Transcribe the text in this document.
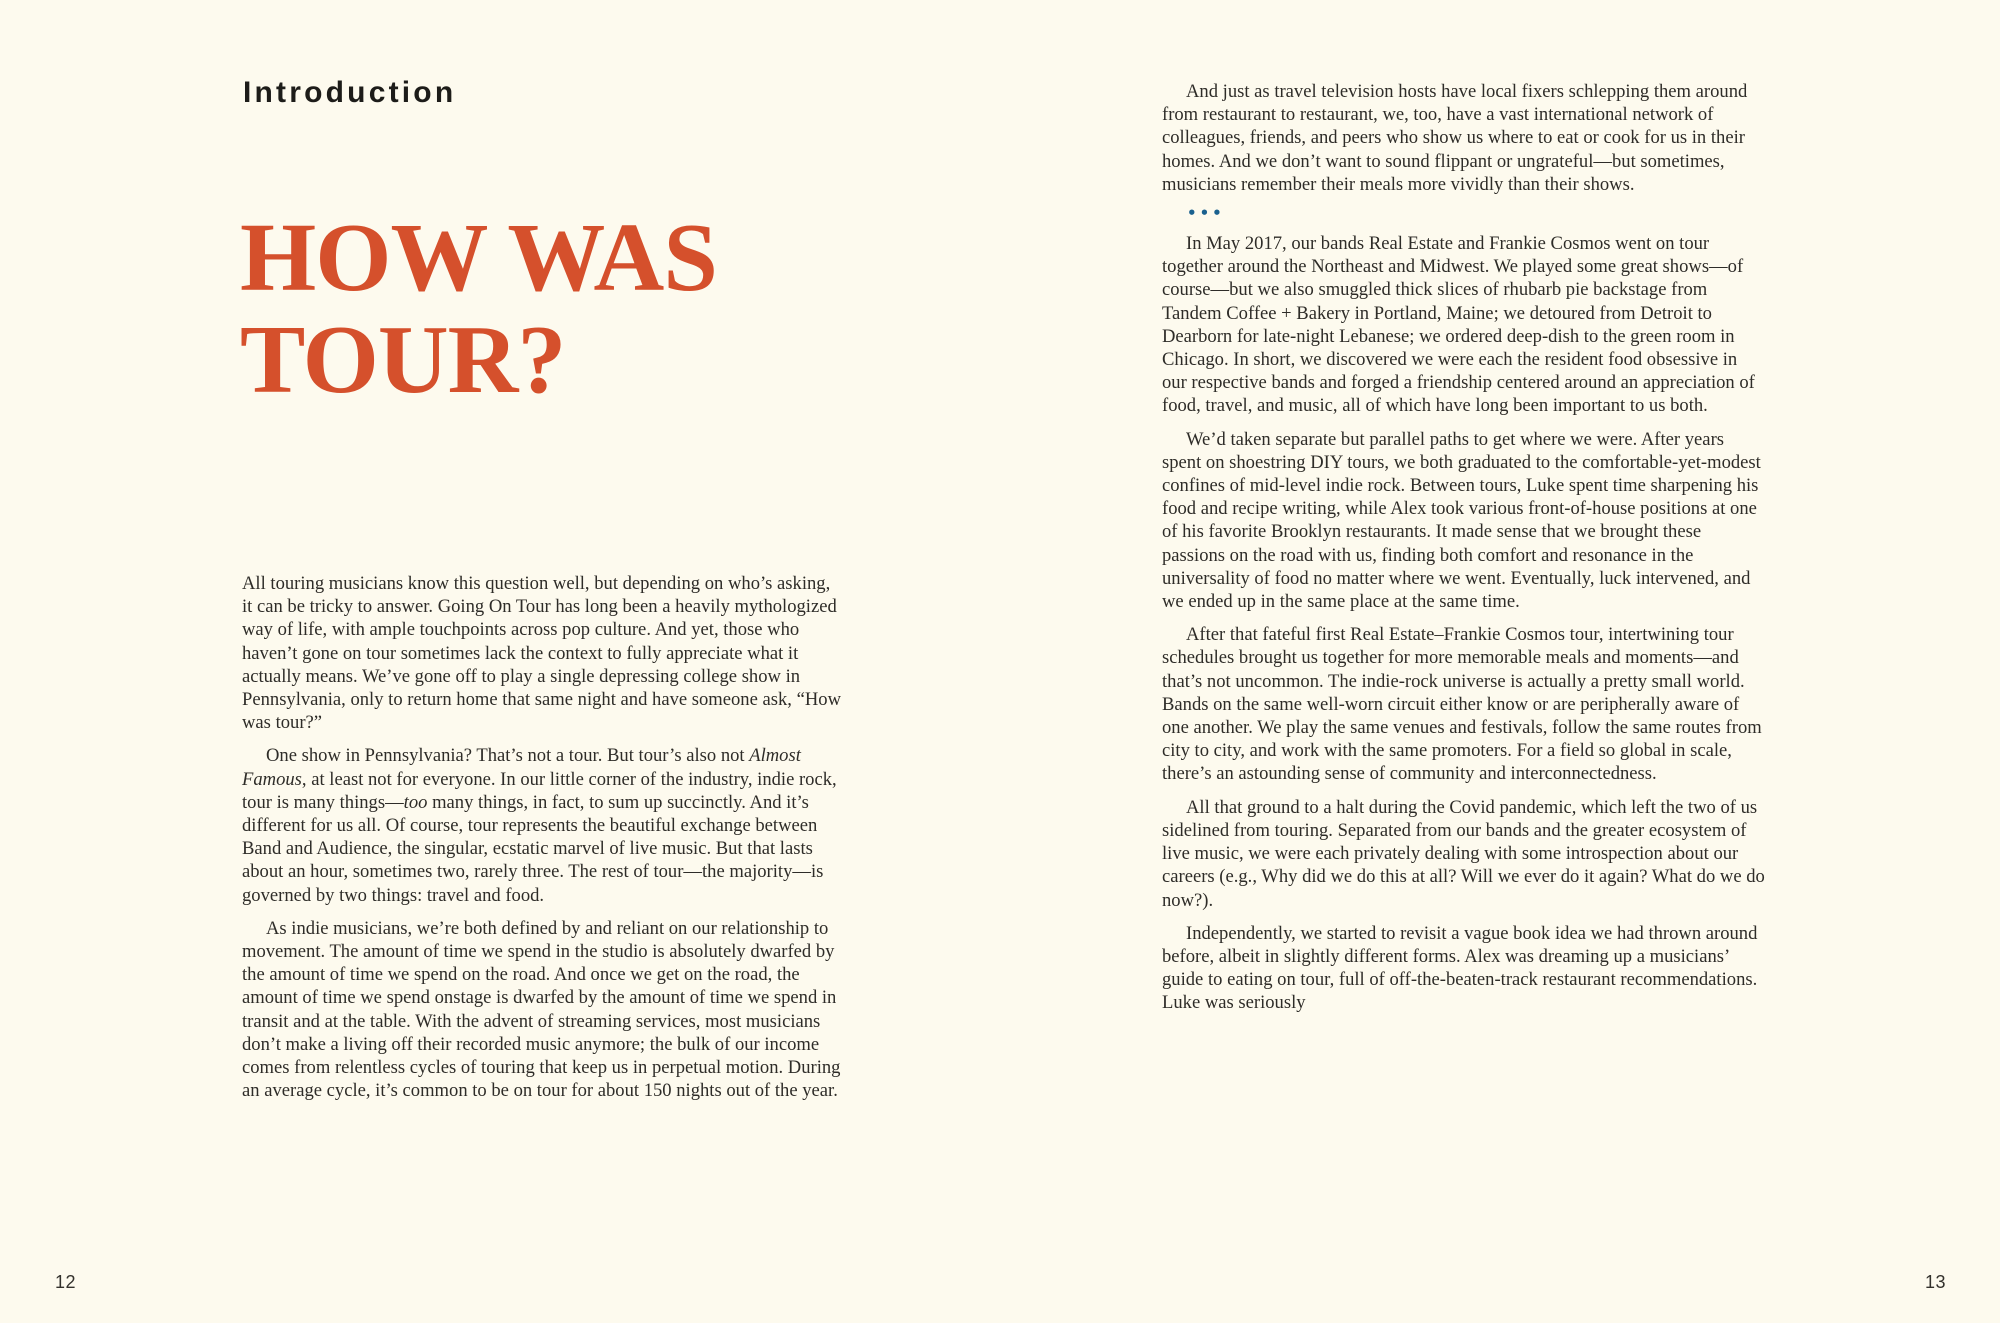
Introduction
HOW WAS
TOUR?

All touring musicians know this question well, but depending on who’s asking, it can be tricky to answer. Going On Tour has long been a heavily mythologized way of life, with ample touchpoints across pop culture. And yet, those who haven’t gone on tour sometimes lack the context to fully appreciate what it actually means. We’ve gone off to play a single depressing college show in Pennsylvania, only to return home that same night and have someone ask, “How was tour?”

One show in Pennsylvania? That’s not a tour. But tour’s also not Almost Famous, at least not for everyone. In our little corner of the industry, indie rock, tour is many things—too many things, in fact, to sum up succinctly. And it’s different for us all. Of course, tour represents the beautiful exchange between Band and Audience, the singular, ecstatic marvel of live music. But that lasts about an hour, sometimes two, rarely three. The rest of tour—the majority—is governed by two things: travel and food.

As indie musicians, we’re both defined by and reliant on our relationship to movement. The amount of time we spend in the studio is absolutely dwarfed by the amount of time we spend on the road. And once we get on the road, the amount of time we spend onstage is dwarfed by the amount of time we spend in transit and at the table. With the advent of streaming services, most musicians don’t make a living off their recorded music anymore; the bulk of our income comes from relentless cycles of touring that keep us in perpetual motion. During an average cycle, it’s common to be on tour for about 150 nights out of the year.

12

And just as travel television hosts have local fixers schlepping them around from restaurant to restaurant, we, too, have a vast international network of colleagues, friends, and peers who show us where to eat or cook for us in their homes. And we don’t want to sound flippant or ungrateful—but sometimes, musicians remember their meals more vividly than their shows.

•••

In May 2017, our bands Real Estate and Frankie Cosmos went on tour together around the Northeast and Midwest. We played some great shows—of course—but we also smuggled thick slices of rhubarb pie backstage from Tandem Coffee + Bakery in Portland, Maine; we detoured from Detroit to Dearborn for late-night Lebanese; we ordered deep-dish to the green room in Chicago. In short, we discovered we were each the resident food obsessive in our respective bands and forged a friendship centered around an appreciation of food, travel, and music, all of which have long been important to us both.

We’d taken separate but parallel paths to get where we were. After years spent on shoestring DIY tours, we both graduated to the comfortable-yet-modest confines of mid-level indie rock. Between tours, Luke spent time sharpening his food and recipe writing, while Alex took various front-of-house positions at one of his favorite Brooklyn restaurants. It made sense that we brought these passions on the road with us, finding both comfort and resonance in the universality of food no matter where we went. Eventually, luck intervened, and we ended up in the same place at the same time.

After that fateful first Real Estate–Frankie Cosmos tour, intertwining tour schedules brought us together for more memorable meals and moments—and that’s not uncommon. The indie-rock universe is actually a pretty small world. Bands on the same well-worn circuit either know or are peripherally aware of one another. We play the same venues and festivals, follow the same routes from city to city, and work with the same promoters. For a field so global in scale, there’s an astounding sense of community and interconnectedness.

All that ground to a halt during the Covid pandemic, which left the two of us sidelined from touring. Separated from our bands and the greater ecosystem of live music, we were each privately dealing with some introspection about our careers (e.g., Why did we do this at all? Will we ever do it again? What do we do now?).

Independently, we started to revisit a vague book idea we had thrown around before, albeit in slightly different forms. Alex was dreaming up a musicians’ guide to eating on tour, full of off-the-beaten-track restaurant recommendations. Luke was seriously

13
